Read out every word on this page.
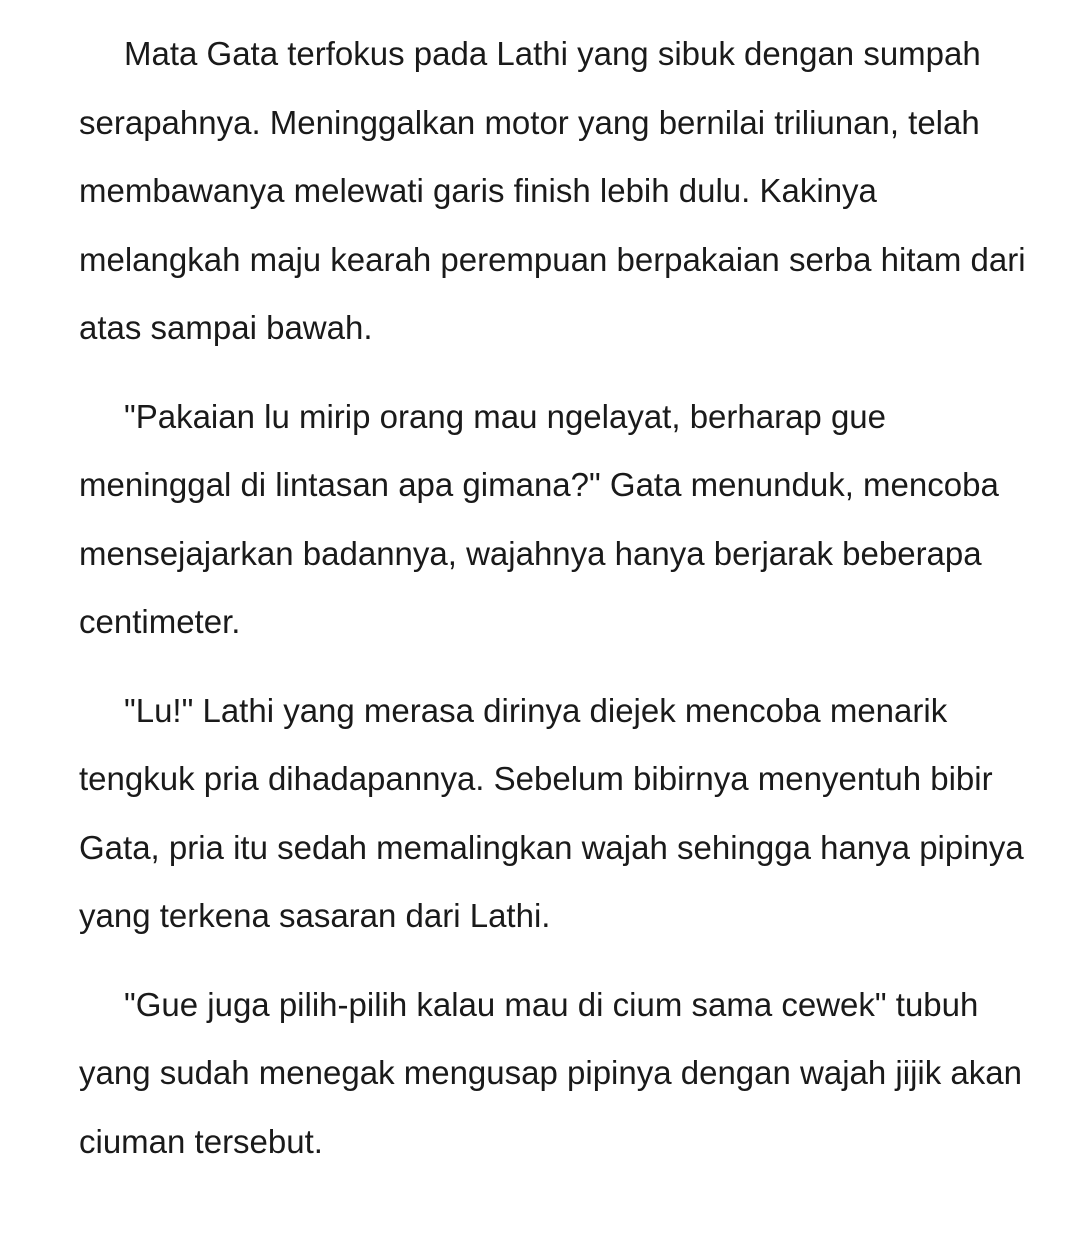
Mata Gata terfokus pada Lathi yang sibuk dengan sumpah serapahnya. Meninggalkan motor yang bernilai triliunan, telah membawanya melewati garis finish lebih dulu. Kakinya melangkah maju kearah perempuan berpakaian serba hitam dari atas sampai bawah.

"Pakaian lu mirip orang mau ngelayat, berharap gue meninggal di lintasan apa gimana?" Gata menunduk, mencoba mensejajarkan badannya, wajahnya hanya berjarak beberapa centimeter.

"Lu!" Lathi yang merasa dirinya diejek mencoba menarik tengkuk pria dihadapannya. Sebelum bibirnya menyentuh bibir Gata, pria itu sedah memalingkan wajah sehingga hanya pipinya yang terkena sasaran dari Lathi.

"Gue juga pilih-pilih kalau mau di cium sama cewek" tubuh yang sudah menegak mengusap pipinya dengan wajah jijik akan ciuman tersebut.
